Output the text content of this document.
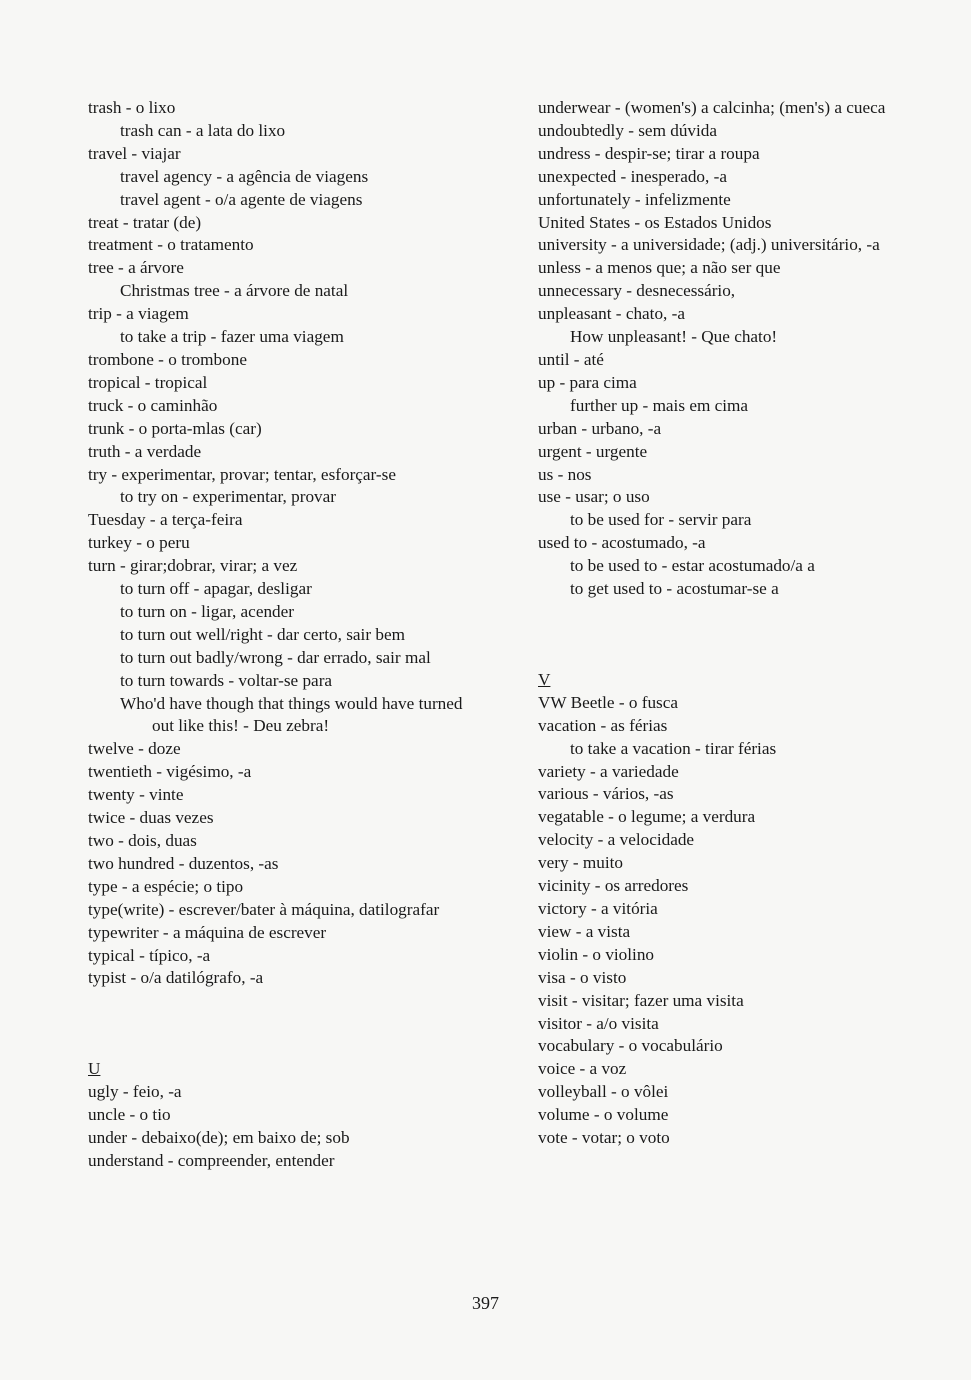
trash - o lixo
trash can - a lata do lixo
travel - viajar
travel agency - a agência de viagens
travel agent - o/a agente de viagens
treat - tratar (de)
treatment - o tratamento
tree - a árvore
Christmas tree - a árvore de natal
trip - a viagem
to take a trip - fazer uma viagem
trombone - o trombone
tropical - tropical
truck - o caminhão
trunk - o porta-mlas (car)
truth - a verdade
try - experimentar, provar; tentar, esforçar-se
to try on - experimentar, provar
Tuesday - a terça-feira
turkey - o peru
turn - girar;dobrar, virar; a vez
to turn off - apagar, desligar
to turn on - ligar, acender
to turn out well/right - dar certo, sair bem
to turn out badly/wrong - dar errado, sair mal
to turn towards - voltar-se para
Who'd have though that things would have turned out like this! - Deu zebra!
twelve - doze
twentieth - vigésimo, -a
twenty - vinte
twice - duas vezes
two - dois, duas
two hundred - duzentos, -as
type - a espécie; o tipo
type(write) - escrever/bater à máquina, datilografar
typewriter - a máquina de escrever
typical - típico, -a
typist - o/a datilógrafo, -a
U
ugly - feio, -a
uncle - o tio
under - debaixo(de); em baixo de; sob
understand - compreender, entender
underwear - (women's) a calcinha; (men's) a cueca
undoubtedly - sem dúvida
undress - despir-se; tirar a roupa
unexpected - inesperado, -a
unfortunately - infelizmente
United States - os Estados Unidos
university - a universidade; (adj.) universitário, -a
unless - a menos que; a não ser que
unnecessary - desnecessário,
unpleasant - chato, -a
How unpleasant! - Que chato!
until - até
up - para cima
further up - mais em cima
urban - urbano, -a
urgent - urgente
us - nos
use - usar; o uso
to be used for - servir para
used to - acostumado, -a
to be used to - estar acostumado/a a
to get used to - acostumar-se a
V
VW Beetle - o fusca
vacation - as férias
to take a vacation - tirar férias
variety - a variedade
various - vários, -as
vegatable - o legume; a verdura
velocity - a velocidade
very - muito
vicinity - os arredores
victory - a vitória
view - a vista
violin - o violino
visa - o visto
visit - visitar; fazer uma visita
visitor - a/o visita
vocabulary - o vocabulário
voice - a voz
volleyball - o vôlei
volume - o volume
vote - votar; o voto
397
